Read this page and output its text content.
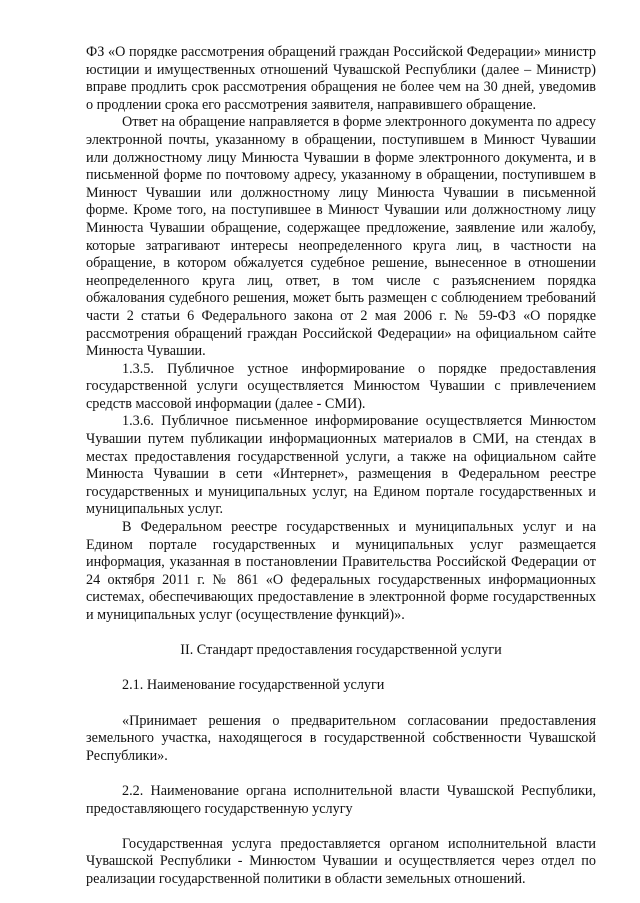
ФЗ «О порядке рассмотрения обращений граждан Российской Федерации» министр юстиции и имущественных отношений Чувашской Республики (далее – Министр) вправе продлить срок рассмотрения обращения не более чем на 30 дней, уведомив о продлении срока его рассмотрения заявителя, направившего обращение.

Ответ на обращение направляется в форме электронного документа по адресу электронной почты, указанному в обращении, поступившем в Минюст Чувашии или должностному лицу Минюста Чувашии в форме электронного документа, и в письменной форме по почтовому адресу, указанному в обращении, поступившем в Минюст Чувашии или должностному лицу Минюста Чувашии в письменной форме. Кроме того, на поступившее в Минюст Чувашии или должностному лицу Минюста Чувашии обращение, содержащее предложение, заявление или жалобу, которые затрагивают интересы неопределенного круга лиц, в частности на обращение, в котором обжалуется судебное решение, вынесенное в отношении неопределенного круга лиц, ответ, в том числе с разъяснением порядка обжалования судебного решения, может быть размещен с соблюдением требований части 2 статьи 6 Федерального закона от 2 мая 2006 г. № 59-ФЗ «О порядке рассмотрения обращений граждан Российской Федерации» на официальном сайте Минюста Чувашии.

1.3.5. Публичное устное информирование о порядке предоставления государственной услуги осуществляется Минюстом Чувашии с привлечением средств массовой информации (далее - СМИ).

1.3.6. Публичное письменное информирование осуществляется Минюстом Чувашии путем публикации информационных материалов в СМИ, на стендах в местах предоставления государственной услуги, а также на официальном сайте Минюста Чувашии в сети «Интернет», размещения в Федеральном реестре государственных и муниципальных услуг, на Едином портале государственных и муниципальных услуг.

В Федеральном реестре государственных и муниципальных услуг и на Едином портале государственных и муниципальных услуг размещается информация, указанная в постановлении Правительства Российской Федерации от 24 октября 2011 г. № 861 «О федеральных государственных информационных системах, обеспечивающих предоставление в электронной форме государственных и муниципальных услуг (осуществление функций)».

II. Стандарт предоставления государственной услуги

2.1. Наименование государственной услуги

«Принимает решения о предварительном согласовании предоставления земельного участка, находящегося в государственной собственности Чувашской Республики».

2.2. Наименование органа исполнительной власти Чувашской Республики, предоставляющего государственную услугу

Государственная услуга предоставляется органом исполнительной власти Чувашской Республики - Минюстом Чувашии и осуществляется через отдел по реализации государственной политики в области земельных отношений.
